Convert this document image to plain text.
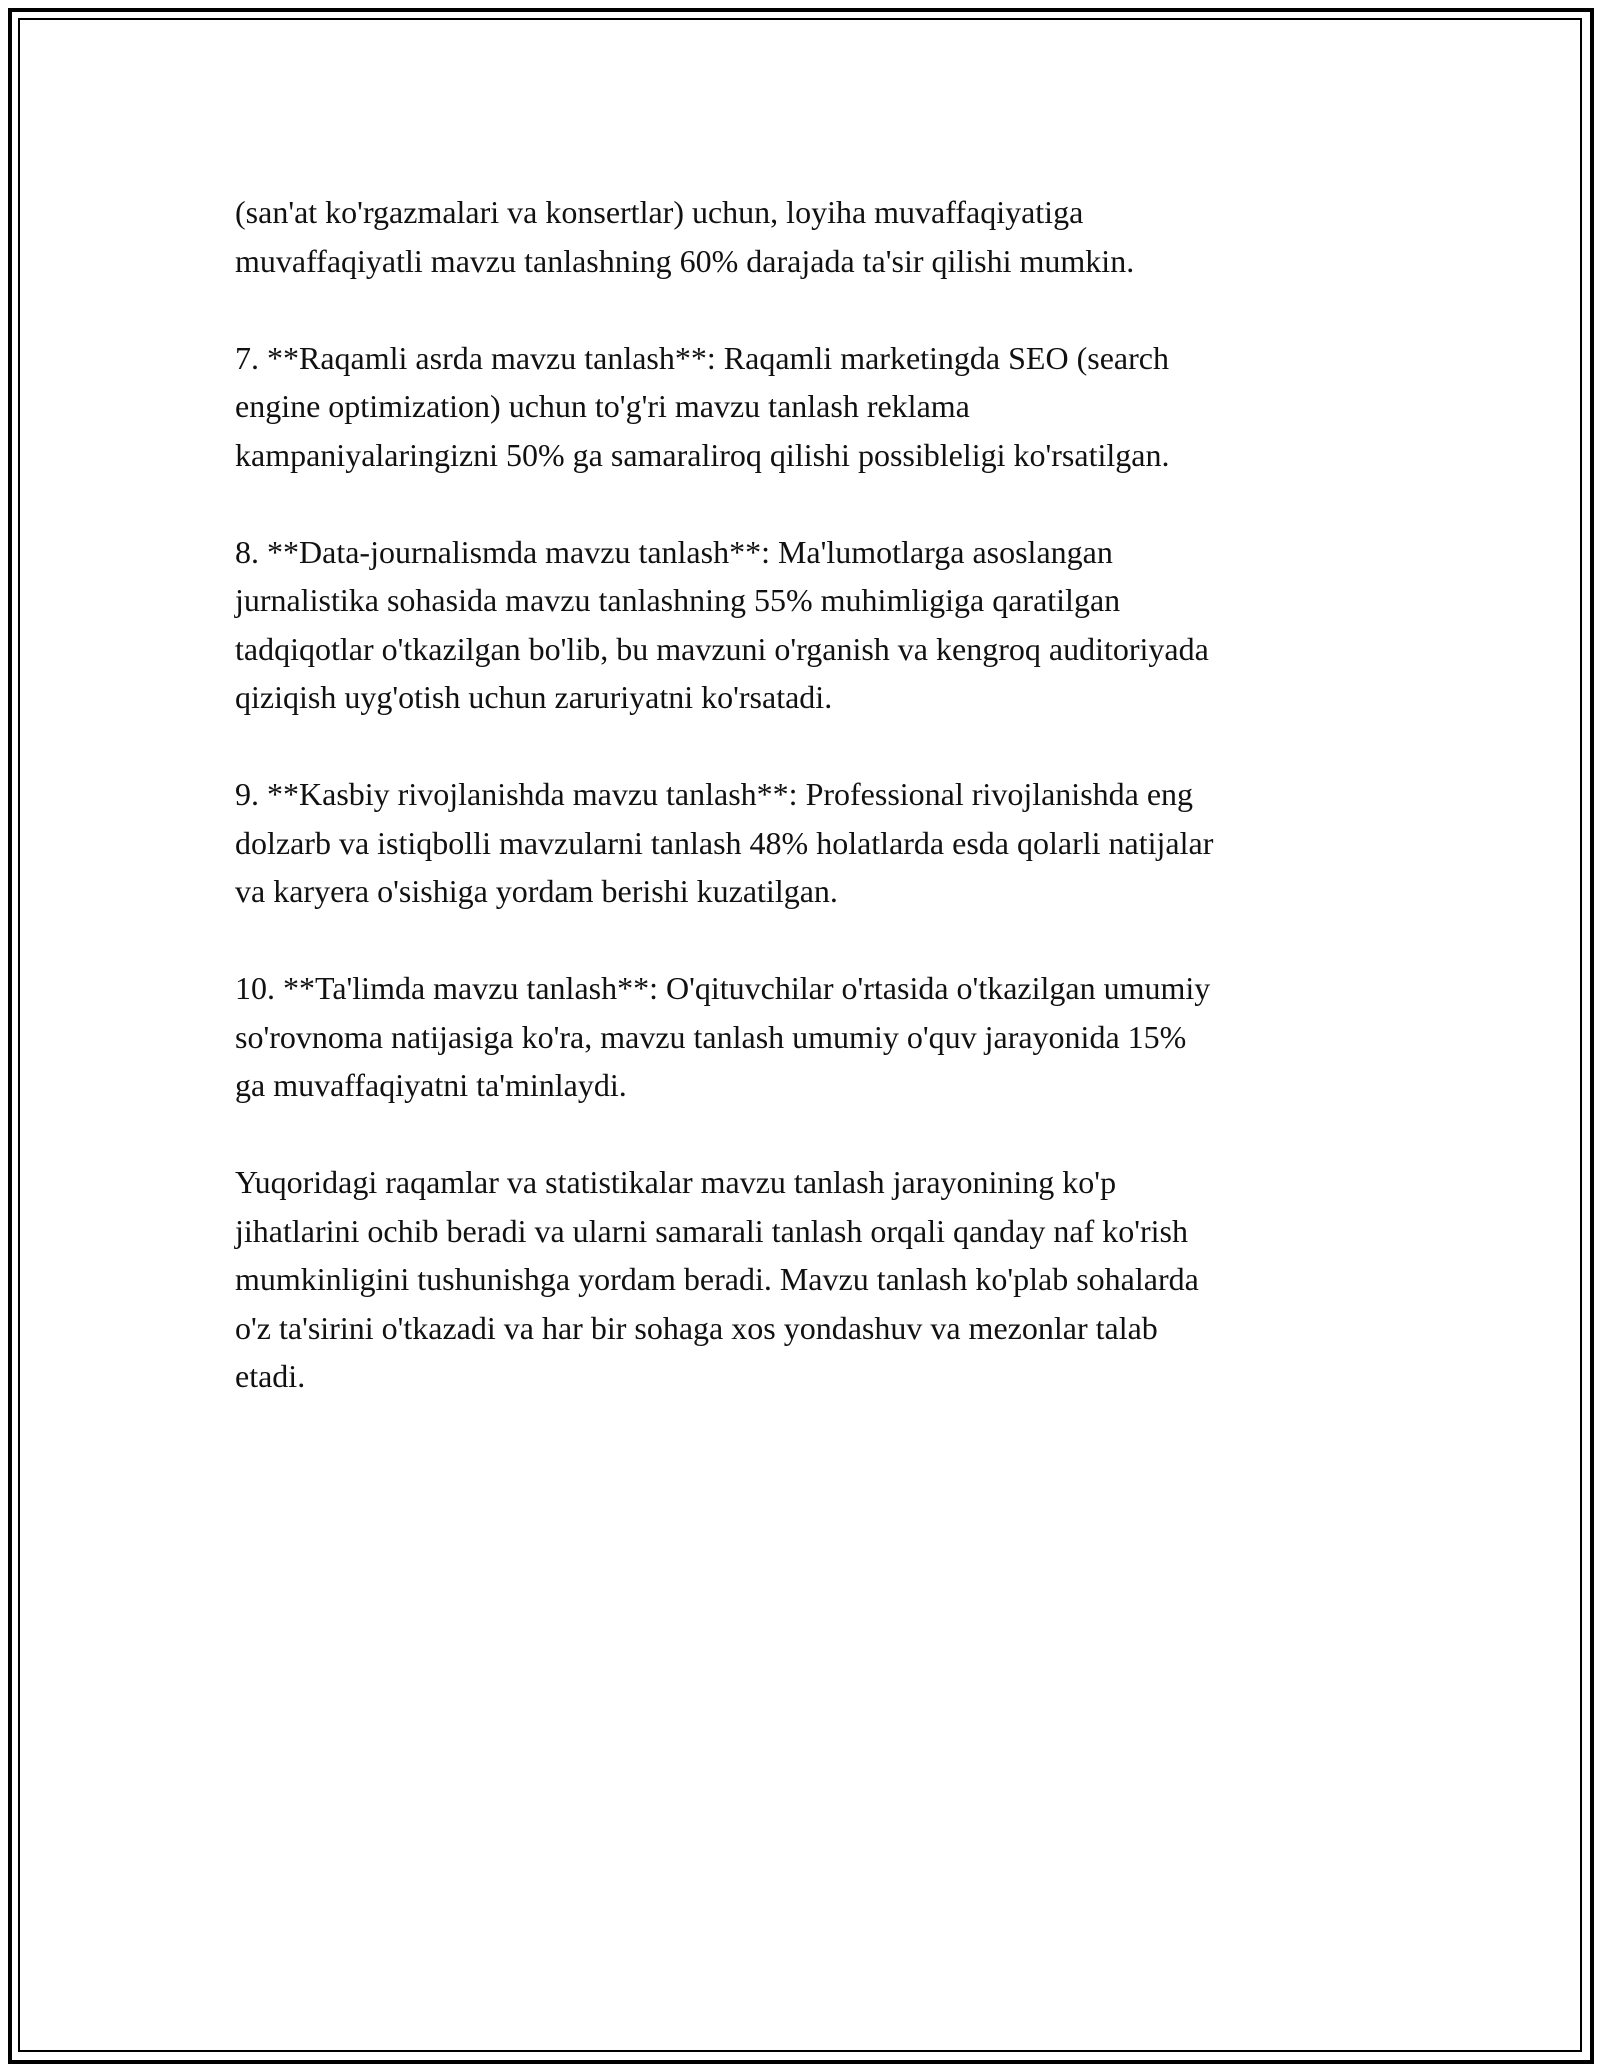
(san'at ko'rgazmalari va konsertlar) uchun, loyiha muvaffaqiyatiga
muvaffaqiyatli mavzu tanlashning 60% darajada ta'sir qilishi mumkin.

7. **Raqamli asrda mavzu tanlash**: Raqamli marketingda SEO (search
engine optimization) uchun to'g'ri mavzu tanlash reklama
kampaniyalaringizni 50% ga samaraliroq qilishi possibleligi ko'rsatilgan.

8. **Data-journalismda mavzu tanlash**: Ma'lumotlarga asoslangan
jurnalistika sohasida mavzu tanlashning 55% muhimligiga qaratilgan
tadqiqotlar o'tkazilgan bo'lib, bu mavzuni o'rganish va kengroq auditoriyada
qiziqish uyg'otish uchun zaruriyatni ko'rsatadi.

9. **Kasbiy rivojlanishda mavzu tanlash**: Professional rivojlanishda eng
dolzarb va istiqbolli mavzularni tanlash 48% holatlarda esda qolarli natijalar
va karyera o'sishiga yordam berishi kuzatilgan.

10. **Ta'limda mavzu tanlash**: O'qituvchilar o'rtasida o'tkazilgan umumiy
so'rovnoma natijasiga ko'ra, mavzu tanlash umumiy o'quv jarayonida 15%
ga muvaffaqiyatni ta'minlaydi.

Yuqoridagi raqamlar va statistikalar mavzu tanlash jarayonining ko'p
jihatlarini ochib beradi va ularni samarali tanlash orqali qanday naf ko'rish
mumkinligini tushunishga yordam beradi. Mavzu tanlash ko'plab sohalarda
o'z ta'sirini o'tkazadi va har bir sohaga xos yondashuv va mezonlar talab
etadi.
